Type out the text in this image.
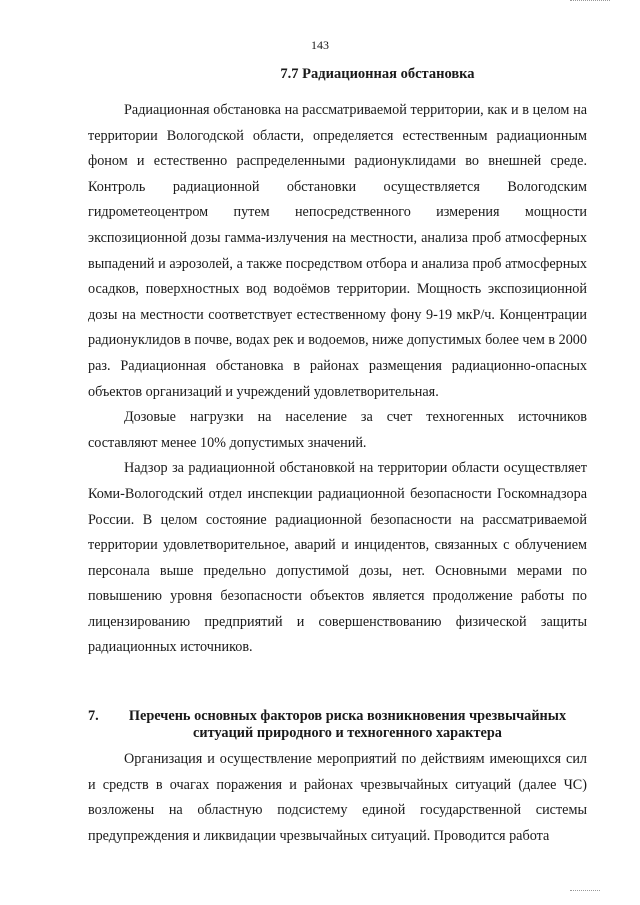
143
7.7 Радиационная обстановка

Радиационная обстановка на рассматриваемой территории, как и в целом на территории Вологодской области, определяется естественным радиационным фоном и естественно распределенными радионуклидами во внешней среде. Контроль радиационной обстановки осуществляется Вологодским гидрометеоцентром путем непосредственного измерения мощности экспозиционной дозы гамма-излучения на местности, анализа проб атмосферных выпадений и аэрозолей, а также посредством отбора и анализа проб атмосферных осадков, поверхностных вод водоёмов территории. Мощность экспозиционной дозы на местности соответствует естественному фону 9-19 мкР/ч. Концентрации радионуклидов в почве, водах рек и водоемов, ниже допустимых более чем в 2000 раз. Радиационная обстановка в районах размещения радиационно-опасных объектов организаций и учреждений удовлетворительная.

Дозовые нагрузки на население за счет техногенных источников составляют менее 10% допустимых значений.

Надзор за радиационной обстановкой на территории области осуществляет Коми-Вологодский отдел инспекции радиационной безопасности Госкомнадзора России. В целом состояние радиационной безопасности на рассматриваемой территории удовлетворительное, аварий и инцидентов, связанных с облучением персонала выше предельно допустимой дозы, нет. Основными мерами по повышению уровня безопасности объектов является продолжение работы по лицензированию предприятий и совершенствованию физической защиты радиационных источников.

7.	Перечень основных факторов риска возникновения чрезвычайных ситуаций природного и техногенного характера

Организация и осуществление мероприятий по действиям имеющихся сил и средств в очагах поражения и районах чрезвычайных ситуаций (далее ЧС) возложены на областную подсистему единой государственной системы предупреждения и ликвидации чрезвычайных ситуаций. Проводится работа
